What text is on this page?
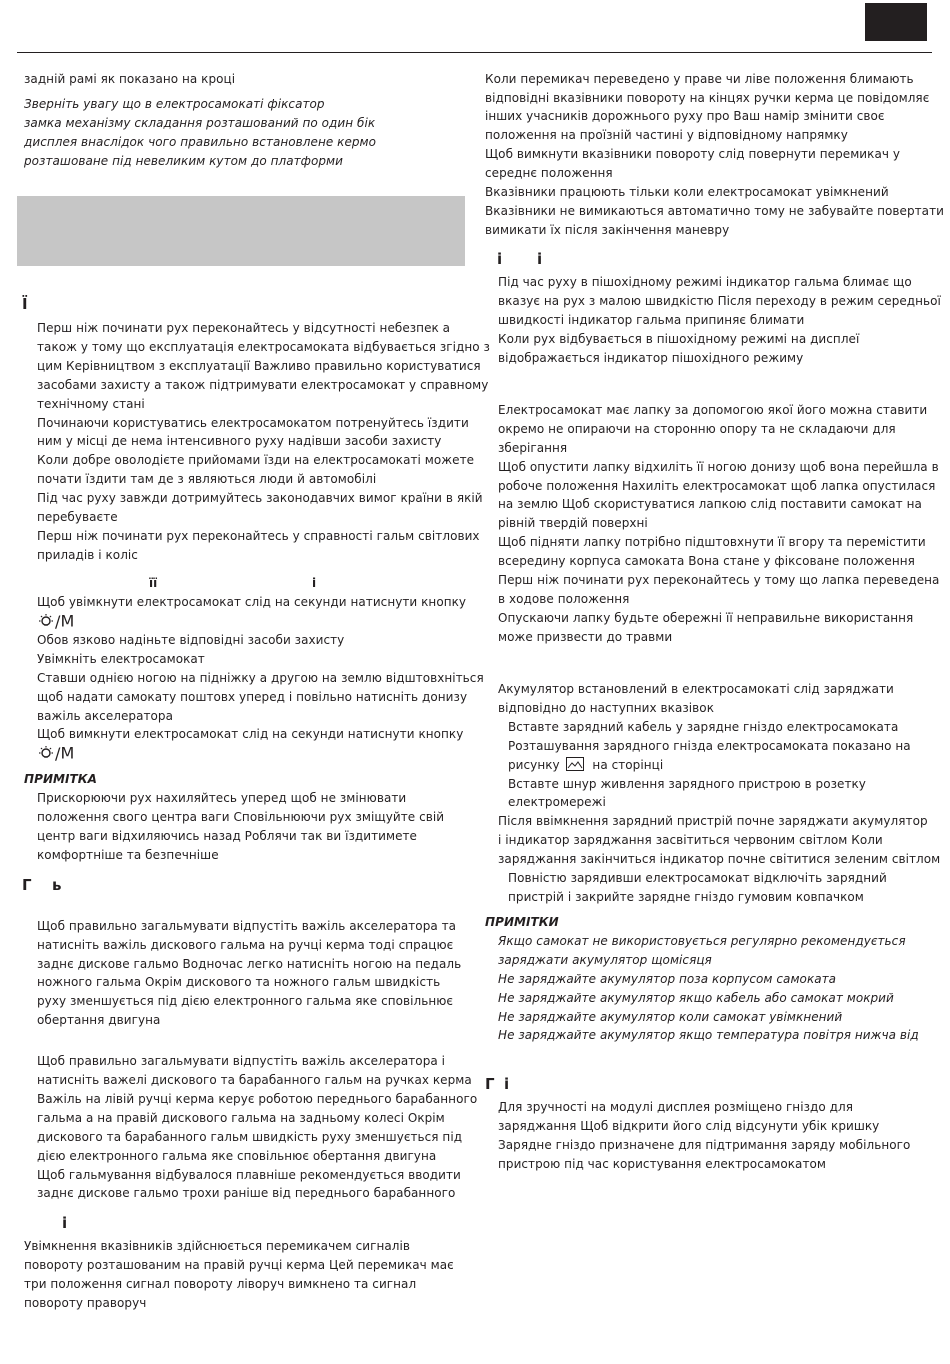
задній рамі як показано на кроці
Зверніть увагу що в електросамокаті фіксатор
замка механізму складання розташований по один бік
дисплея внаслідок чого правильно встановлене кермо
розташоване під невеликим кутом до платформи
Ї
Перш ніж починати рух переконайтесь у відсутності небезпек а
також у тому що експлуатація електросамоката відбувається згідно з
цим Керівництвом з експлуатації Важливо правильно користуватися
засобами захисту а також підтримувати електросамокат у справному
технічному стані
Починаючи користуватись електросамокатом потренуйтесь їздити
ним у місці де нема інтенсивного руху надівши засоби захисту
Коли добре оволодієте прийомами їзди на електросамокаті можете
почати їздити там де з являються люди й автомобілі
Під час руху завжди дотримуйтесь законодавчих вимог країни в якій
перебуваєте
Перш ніж починати рух переконайтесь у справності гальм світлових
приладів і коліс
її	і
Щоб увімкнути електросамокат слід на секунди натиснути кнопку
/M
Обов язково надіньте відповідні засоби захисту
Увімкніть електросамокат
Ставши однією ногою на підніжку а другою на землю відштовхніться
щоб надати самокату поштовх уперед і повільно натисніть донизу
важіль акселератора
Щоб вимкнути електросамокат слід на секунди натиснути кнопку
/M
ПРИМІТКА
Прискорюючи рух нахиляйтесь уперед щоб не змінювати
положення свого центра ваги Сповільнюючи рух зміщуйте свій
центр ваги відхиляючись назад Роблячи так ви їздитимете
комфортніше та безпечніше
Г ь
Щоб правильно загальмувати відпустіть важіль акселератора та
натисніть важіль дискового гальма на ручці керма тоді спрацює
заднє дискове гальмо Водночас легко натисніть ногою на педаль
ножного гальма Окрім дискового та ножного гальм швидкість
руху зменшується під дією електронного гальма яке сповільнює
обертання двигуна
Щоб правильно загальмувати відпустіть важіль акселератора і
натисніть важелі дискового та барабанного гальм на ручках керма
Важіль на лівій ручці керма керує роботою переднього барабанного
гальма а на правій дискового гальма на задньому колесі Окрім
дискового та барабанного гальм швидкість руху зменшується під
дією електронного гальма яке сповільнює обертання двигуна
Щоб гальмування відбувалося плавніше рекомендується вводити
заднє дискове гальмо трохи раніше від переднього барабанного
і
Увімкнення вказівників здійснюється перемикачем сигналів
повороту розташованим на правій ручці керма Цей перемикач має
три положення сигнал повороту ліворуч вимкнено та сигнал
повороту праворуч
Коли перемикач переведено у праве чи ліве положення блимають
відповідні вказівники повороту на кінцях ручки керма це повідомляє
інших учасників дорожнього руху про Ваш намір змінити своє
положення на проїзній частині у відповідному напрямку
Щоб вимкнути вказівники повороту слід повернути перемикач у
середнє положення
Вказівники працюють тільки коли електросамокат увімкнений
Вказівники не вимикаються автоматично тому не забувайте повертати
вимикати їх після закінчення маневру
і і
Під час руху в пішохідному режимі індикатор гальма блимає що
вказує на рух з малою швидкістю Після переходу в режим середньої
швидкості індикатор гальма припиняє блимати
Коли рух відбувається в пішохідному режимі на дисплеї
відображається індикатор пішохідного режиму
Електросамокат має лапку за допомогою якої його можна ставити
окремо не опираючи на сторонню опору та не складаючи для
зберігання
Щоб опустити лапку відхиліть її ногою донизу щоб вона перейшла в
робоче положення Нахиліть електросамокат щоб лапка опустилася
на землю Щоб скористуватися лапкою слід поставити самокат на
рівній твердій поверхні
Щоб підняти лапку потрібно підштовхнути її вгору та перемістити
всередину корпуса самоката Вона стане у фіксоване положення
Перш ніж починати рух переконайтесь у тому що лапка переведена
в ходове положення
Опускаючи лапку будьте обережні її неправильне використання
може призвести до травми
Акумулятор встановлений в електросамокаті слід заряджати
відповідно до наступних вказівок
Вставте зарядний кабель у зарядне гніздо електросамоката
Розташування зарядного гнізда електросамоката показано на
рисунку	на сторінці
Вставте шнур живлення зарядного пристрою в розетку
електромережі
Після ввімкнення зарядний пристрій почне заряджати акумулятор
і індикатор заряджання засвітиться червоним світлом Коли
заряджання закінчиться індикатор почне світитися зеленим світлом
Повністю зарядивши електросамокат відключіть зарядний
пристрій і закрийте зарядне гніздо гумовим ковпачком
ПРИМІТКИ
Якщо самокат не використовується регулярно рекомендується
заряджати акумулятор щомісяця
Не заряджайте акумулятор поза корпусом самоката
Не заряджайте акумулятор якщо кабель або самокат мокрий
Не заряджайте акумулятор коли самокат увімкнений
Не заряджайте акумулятор якщо температура повітря нижча від
Г і
Для зручності на модулі дисплея розміщено гніздо для
заряджання Щоб відкрити його слід відсунути убік кришку
Зарядне гніздо призначене для підтримання заряду мобільного
пристрою під час користування електросамокатом
